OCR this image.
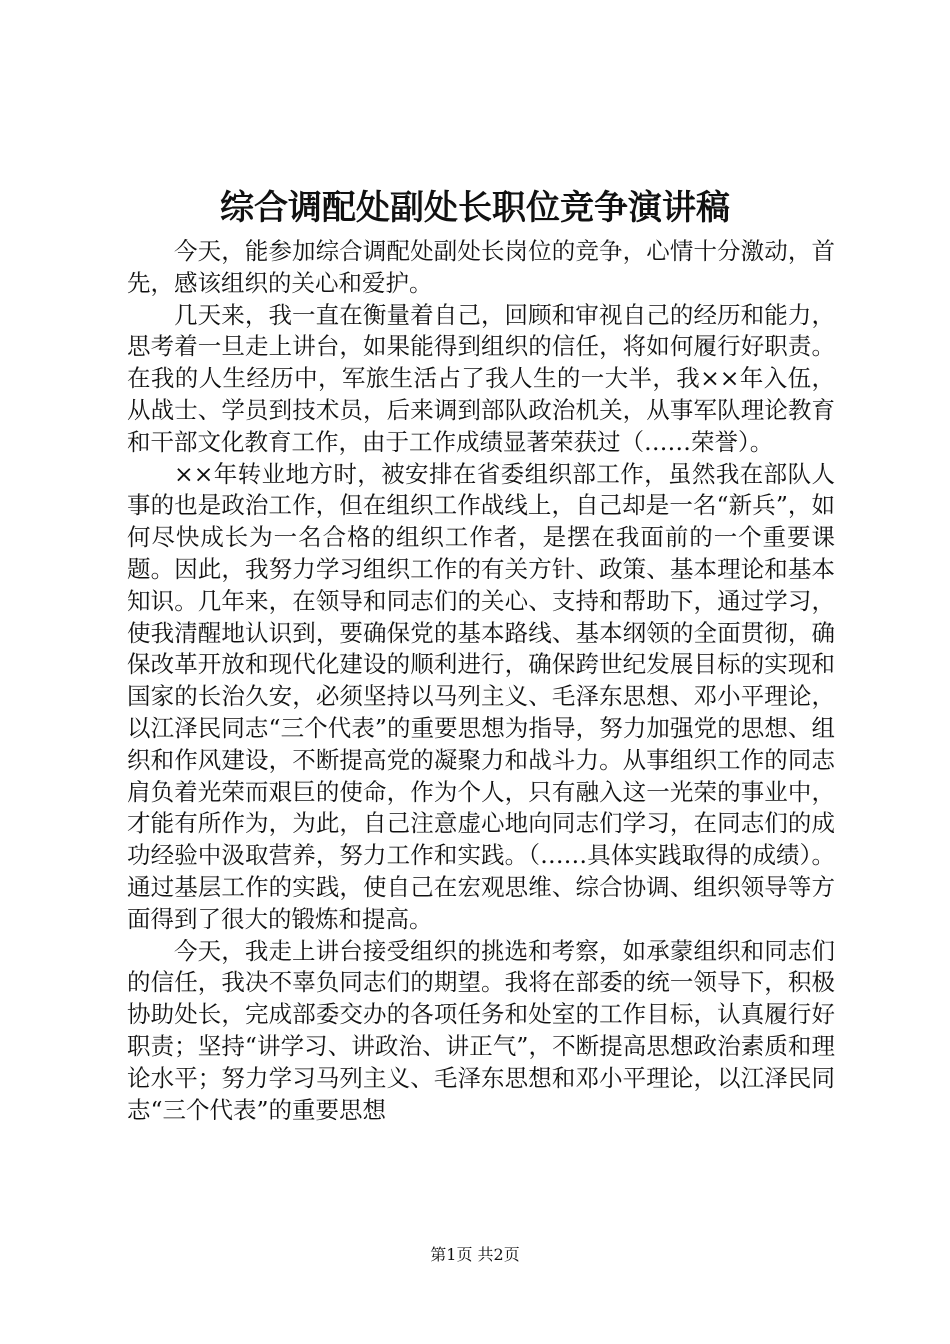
综合调配处副处长职位竞争演讲稿

今天，能参加综合调配处副处长岗位的竞争，心情十分激动，首先，感该组织的关心和爱护。

几天来，我一直在衡量着自己，回顾和审视自己的经历和能力，思考着一旦走上讲台，如果能得到组织的信任，将如何履行好职责。在我的人生经历中，军旅生活占了我人生的一大半，我××年入伍，从战士、学员到技术员，后来调到部队政治机关，从事军队理论教育和干部文化教育工作，由于工作成绩显著荣获过（……荣誉）。

××年转业地方时，被安排在省委组织部工作，虽然我在部队人事的也是政治工作，但在组织工作战线上，自己却是一名“新兵”，如何尽快成长为一名合格的组织工作者，是摆在我面前的一个重要课题。因此，我努力学习组织工作的有关方针、政策、基本理论和基本知识。几年来，在领导和同志们的关心、支持和帮助下，通过学习，使我清醒地认识到，要确保党的基本路线、基本纲领的全面贯彻，确保改革开放和现代化建设的顺利进行，确保跨世纪发展目标的实现和国家的长治久安，必须坚持以马列主义、毛泽东思想、邓小平理论，以江泽民同志“三个代表”的重要思想为指导，努力加强党的思想、组织和作风建设，不断提高党的凝聚力和战斗力。从事组织工作的同志肩负着光荣而艰巨的使命，作为个人，只有融入这一光荣的事业中，才能有所作为，为此，自己注意虚心地向同志们学习，在同志们的成功经验中汲取营养，努力工作和实践。（……具体实践取得的成绩）。通过基层工作的实践，使自己在宏观思维、综合协调、组织领导等方面得到了很大的锻炼和提高。

今天，我走上讲台接受组织的挑选和考察，如承蒙组织和同志们的信任，我决不辜负同志们的期望。我将在部委的统一领导下，积极协助处长，完成部委交办的各项任务和处室的工作目标，认真履行好职责；坚持“讲学习、讲政治、讲正气”，不断提高思想政治素质和理论水平；努力学习马列主义、毛泽东思想和邓小平理论，以江泽民同志“三个代表”的重要思想

第1页 共2页
